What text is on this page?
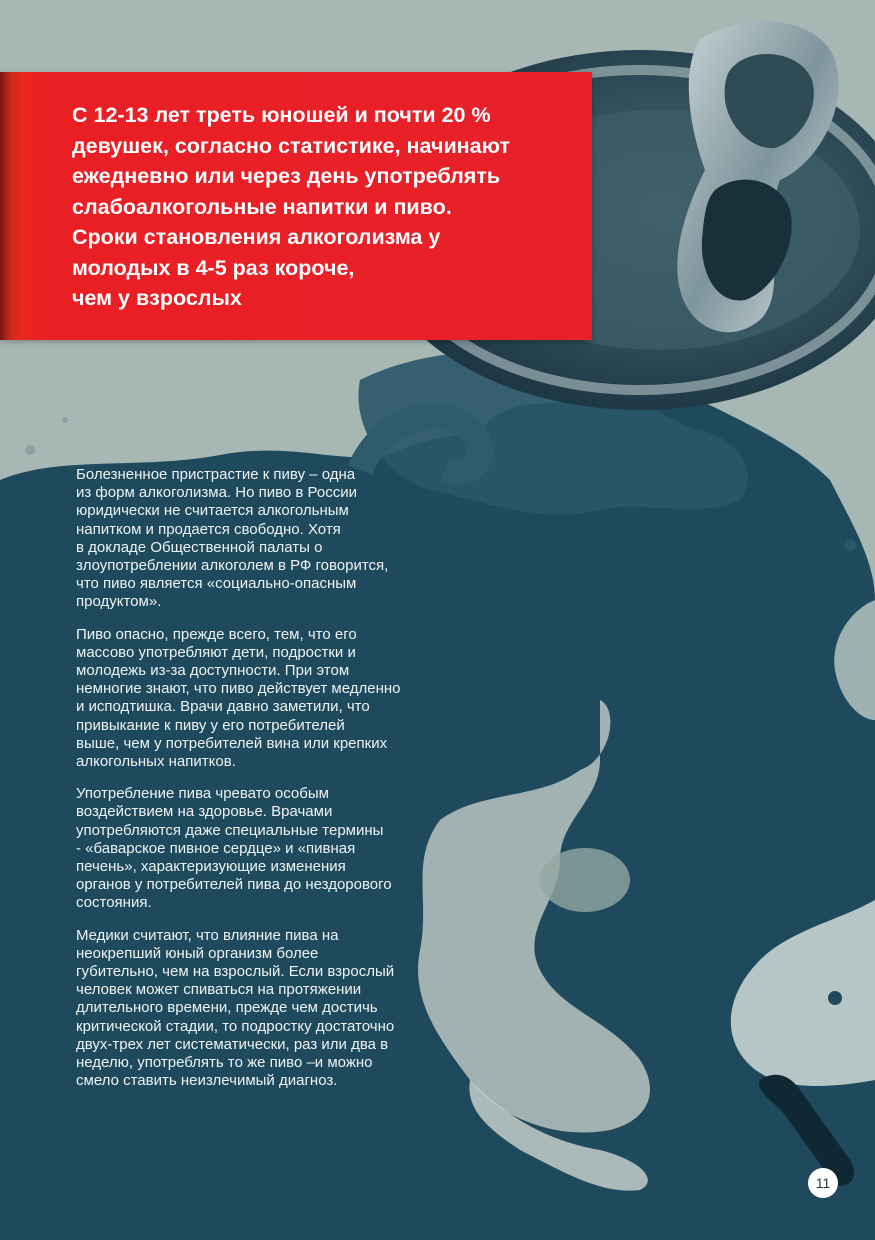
С 12-13 лет треть юношей и почти 20 %
девушек, согласно статистике, начинают
ежедневно или через день употреблять
слабоалкогольные напитки и пиво.
Сроки становления алкоголизма у
молодых в 4-5 раз короче,
чем у взрослых

Болезненное пристрастие к пиву – одна
из форм алкоголизма. Но пиво в России
юридически не считается алкогольным
напитком и продается свободно. Хотя
в докладе Общественной палаты о
злоупотреблении алкоголем в РФ говорится,
что пиво является «социально-опасным
продуктом».

Пиво опасно, прежде всего, тем, что его
массово употребляют дети, подростки и
молодежь из-за доступности. При этом
немногие знают, что пиво действует медленно
и исподтишка. Врачи давно заметили, что
привыкание к пиву у его потребителей
выше, чем у потребителей вина или крепких
алкогольных напитков.

Употребление пива чревато особым
воздействием на здоровье. Врачами
употребляются даже специальные термины
- «баварское пивное сердце» и «пивная
печень», характеризующие изменения
органов у потребителей пива до нездорового
состояния.

Медики считают, что влияние пива на
неокрепший юный организм более
губительно, чем на взрослый. Если взрослый
человек может спиваться на протяжении
длительного времени, прежде чем достичь
критической стадии, то подростку достаточно
двух-трех лет систематически, раз или два в
неделю, употреблять то же пиво –и можно
смело ставить неизлечимый диагноз.

11
